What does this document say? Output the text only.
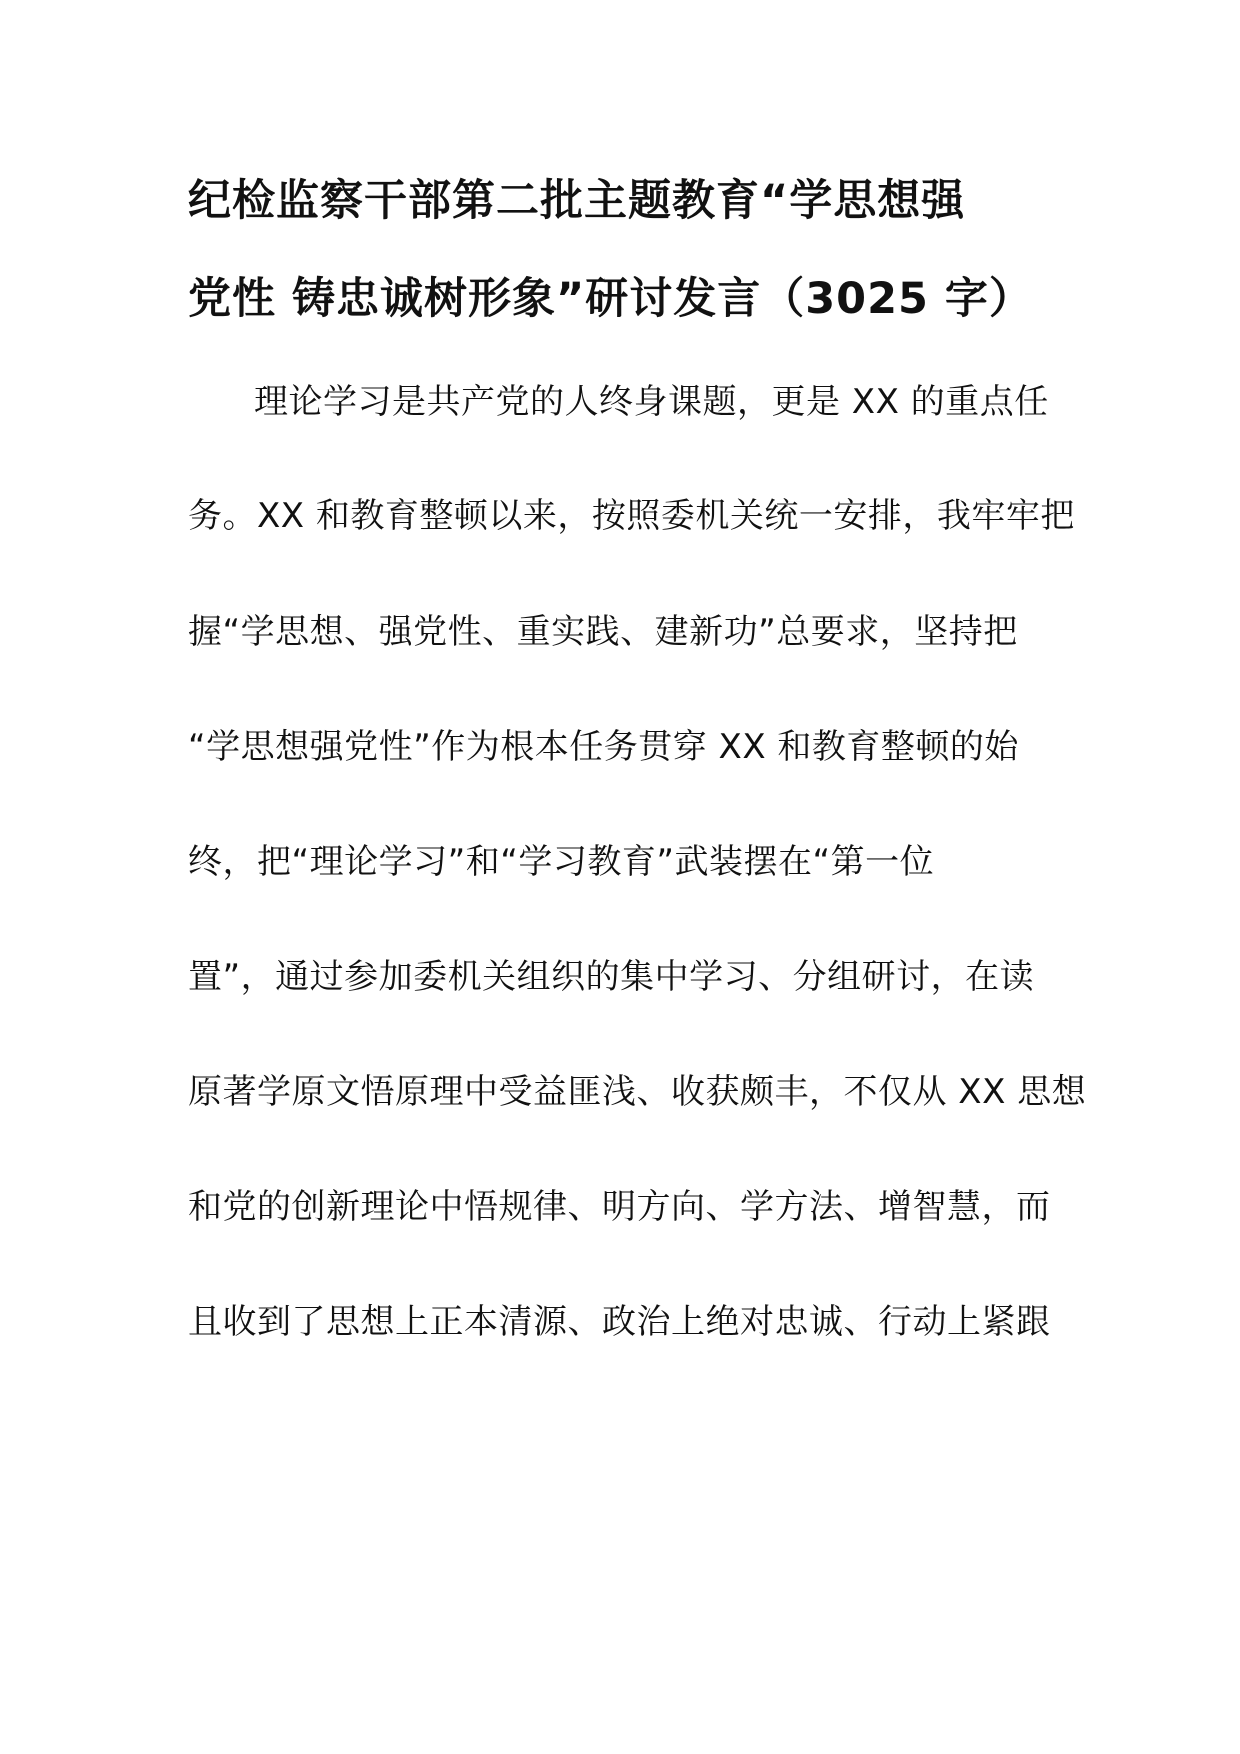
纪检监察干部第二批主题教育“学思想强
党性 铸忠诚树形象”研讨发言（3025 字）
理论学习是共产党的人终身课题，更是 XX 的重点任
务。XX 和教育整顿以来，按照委机关统一安排，我牢牢把
握“学思想、强党性、重实践、建新功”总要求，坚持把
“学思想强党性”作为根本任务贯穿 XX 和教育整顿的始
终，把“理论学习”和“学习教育”武装摆在“第一位
置”，通过参加委机关组织的集中学习、分组研讨，在读
原著学原文悟原理中受益匪浅、收获颇丰，不仅从 XX 思想
和党的创新理论中悟规律、明方向、学方法、增智慧，而
且收到了思想上正本清源、政治上绝对忠诚、行动上紧跟
